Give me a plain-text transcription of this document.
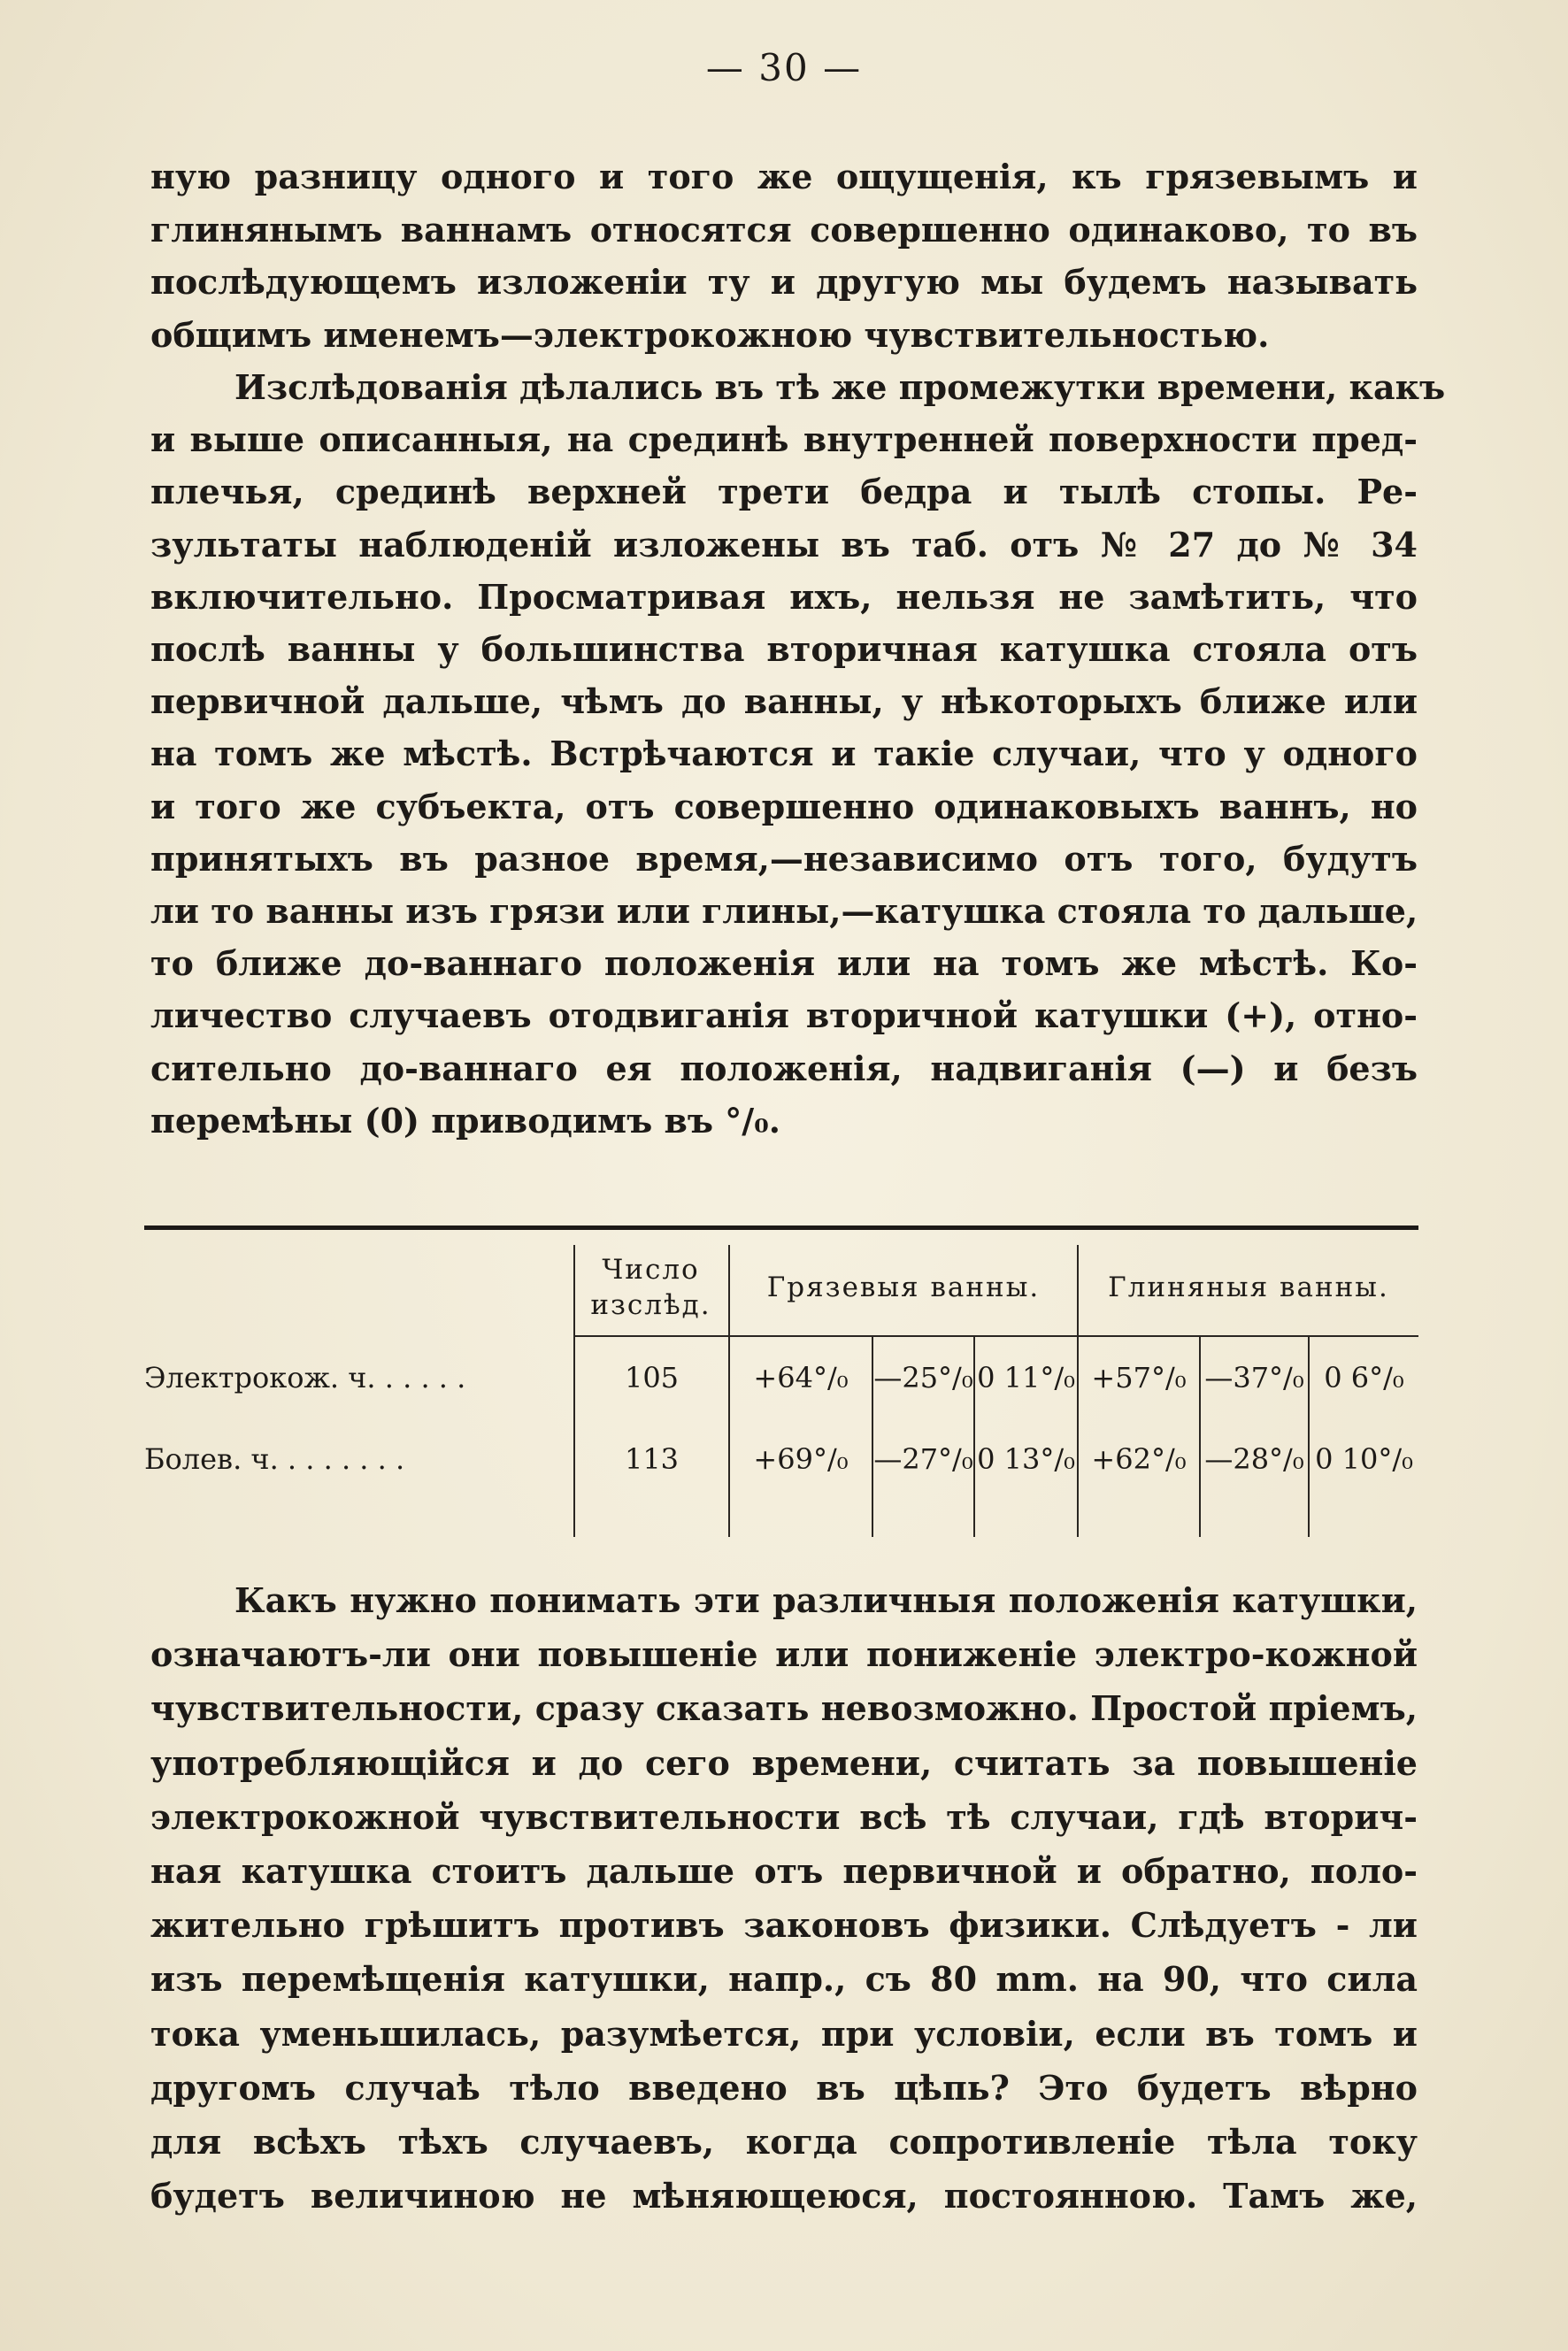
— 30 —
ную разницу одного и того же ощущенія, къ грязевымъ и
глинянымъ ваннамъ относятся совершенно одинаково, то въ
послѣдующемъ изложеніи ту и другую мы будемъ называть
общимъ именемъ—электрокожною чувствительностью.
Изслѣдованія дѣлались въ тѣ же промежутки времени, какъ
и выше описанныя, на срединѣ внутренней поверхности пред-
плечья, срединѣ верхней трети бедра и тылѣ стопы. Ре-
зультаты наблюденій изложены въ таб. отъ № 27 до № 34
включительно. Просматривая ихъ, нельзя не замѣтить, что
послѣ ванны у большинства вторичная катушка стояла отъ
первичной дальше, чѣмъ до ванны, у нѣкоторыхъ ближе или
на томъ же мѣстѣ. Встрѣчаются и такіе случаи, что у одного
и того же субъекта, отъ совершенно одинаковыхъ ваннъ, но
принятыхъ въ разное время,—независимо отъ того, будутъ
ли то ванны изъ грязи или глины,—катушка стояла то дальше,
то ближе до-ваннаго положенія или на томъ же мѣстѣ. Ко-
личество случаевъ отодвиганія вторичной катушки (+), отно-
сительно до-ваннаго ея положенія, надвиганія (—) и безъ
перемѣны (0) приводимъ въ °/₀.
Число
изслѣд.
Грязевыя ванны.	Глиняныя ванны.
Электрокож. ч. . . . . .	105	+64°/₀ —25°/₀ 0 11°/₀ +57°/₀ —37°/₀ 0 6°/₀
Болев. ч. . . . . . . .	113	+69°/₀ —27°/₀ 0 13°/₀ +62°/₀ —28°/₀ 0 10°/₀
Какъ нужно понимать эти различныя положенія катушки,
означаютъ-ли они повышеніе или пониженіе электро-кожной
чувствительности, сразу сказать невозможно. Простой пріемъ,
употребляющійся и до сего времени, считать за повышеніе
электрокожной чувствительности всѣ тѣ случаи, гдѣ вторич-
ная катушка стоитъ дальше отъ первичной и обратно, поло-
жительно грѣшитъ противъ законовъ физики. Слѣдуетъ - ли
изъ перемѣщенія катушки, напр., съ 80 mm. на 90, что сила
тока уменьшилась, разумѣется, при условіи, если въ томъ и
другомъ случаѣ тѣло введено въ цѣпь? Это будетъ вѣрно
для всѣхъ тѣхъ случаевъ, когда сопротивленіе тѣла току
будетъ величиною не мѣняющеюся, постоянною. Тамъ же,
